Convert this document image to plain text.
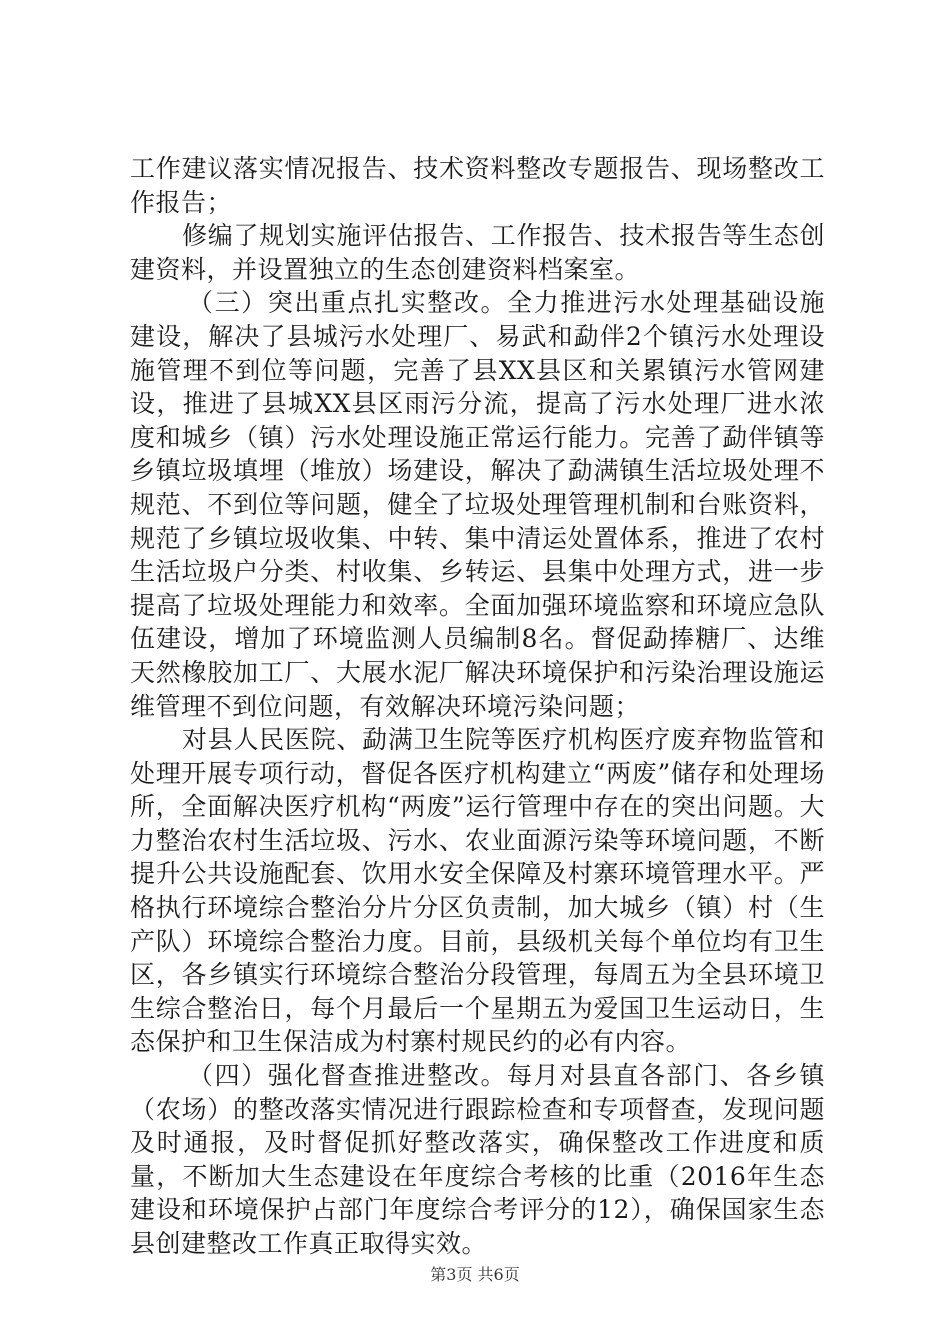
工作建议落实情况报告、技术资料整改专题报告、现场整改工作报告；

修编了规划实施评估报告、工作报告、技术报告等生态创建资料，并设置独立的生态创建资料档案室。

（三）突出重点扎实整改。全力推进污水处理基础设施建设，解决了县城污水处理厂、易武和勐伴2个镇污水处理设施管理不到位等问题，完善了县XX县区和关累镇污水管网建设，推进了县城XX县区雨污分流，提高了污水处理厂进水浓度和城乡（镇）污水处理设施正常运行能力。完善了勐伴镇等乡镇垃圾填埋（堆放）场建设，解决了勐满镇生活垃圾处理不规范、不到位等问题，健全了垃圾处理管理机制和台账资料，规范了乡镇垃圾收集、中转、集中清运处置体系，推进了农村生活垃圾户分类、村收集、乡转运、县集中处理方式，进一步提高了垃圾处理能力和效率。全面加强环境监察和环境应急队伍建设，增加了环境监测人员编制8名。督促勐捧糖厂、达维天然橡胶加工厂、大展水泥厂解决环境保护和污染治理设施运维管理不到位问题，有效解决环境污染问题；

对县人民医院、勐满卫生院等医疗机构医疗废弃物监管和处理开展专项行动，督促各医疗机构建立“两废”储存和处理场所，全面解决医疗机构“两废”运行管理中存在的突出问题。大力整治农村生活垃圾、污水、农业面源污染等环境问题，不断提升公共设施配套、饮用水安全保障及村寨环境管理水平。严格执行环境综合整治分片分区负责制，加大城乡（镇）村（生产队）环境综合整治力度。目前，县级机关每个单位均有卫生区，各乡镇实行环境综合整治分段管理，每周五为全县环境卫生综合整治日，每个月最后一个星期五为爱国卫生运动日，生态保护和卫生保洁成为村寨村规民约的必有内容。

（四）强化督查推进整改。每月对县直各部门、各乡镇（农场）的整改落实情况进行跟踪检查和专项督查，发现问题及时通报，及时督促抓好整改落实，确保整改工作进度和质量，不断加大生态建设在年度综合考核的比重（2016年生态建设和环境保护占部门年度综合考评分的12），确保国家生态县创建整改工作真正取得实效。

第3页 共6页
